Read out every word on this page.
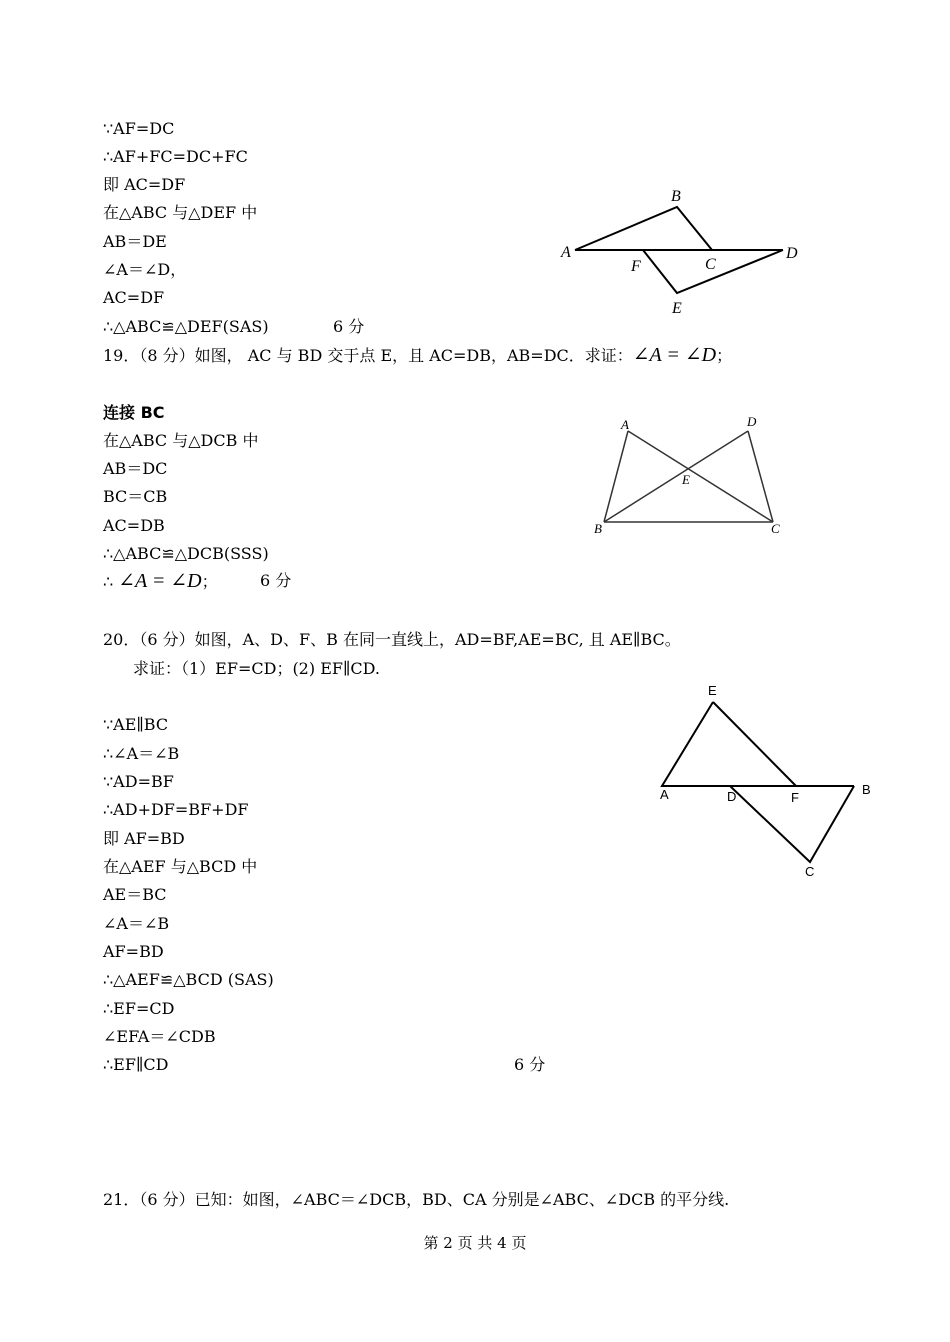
∵AF=DC
∴AF+FC=DC+FC
即 AC=DF
在△ABC 与△DEF 中
AB＝DE
∠A＝∠D，
AC=DF
∴△ABC≌△DEF(SAS)	6 分
A
B
C
D
E
F
19．（8 分）如图， AC 与 BD 交于点 E，且 AC=DB，AB=DC．求证：∠A = ∠D；
连接 BC
在△ABC 与△DCB 中
AB＝DC
BC＝CB
AC=DB
∴△ABC≌△DCB(SSS)
∴ ∠A = ∠D；	6 分
A	D
E
B	C
20．（6 分）如图，A、D、F、B 在同一直线上，AD=BF,AE=BC, 且 AE∥BC。
求证：（1）EF=CD；(2) EF∥CD.
∵AE∥BC
∴∠A＝∠B
∵AD=BF
∴AD+DF=BF+DF
即 AF=BD
在△AEF 与△BCD 中
AE＝BC
∠A＝∠B
AF=BD
∴△AEF≌△BCD (SAS)
∴EF=CD
∠EFA＝∠CDB
∴EF∥CD	6 分
E
A	D	F
B
C
21．（6 分）已知：如图，∠ABC＝∠DCB，BD、CA 分别是∠ABC、∠DCB 的平分线.
第 2 页 共 4 页
